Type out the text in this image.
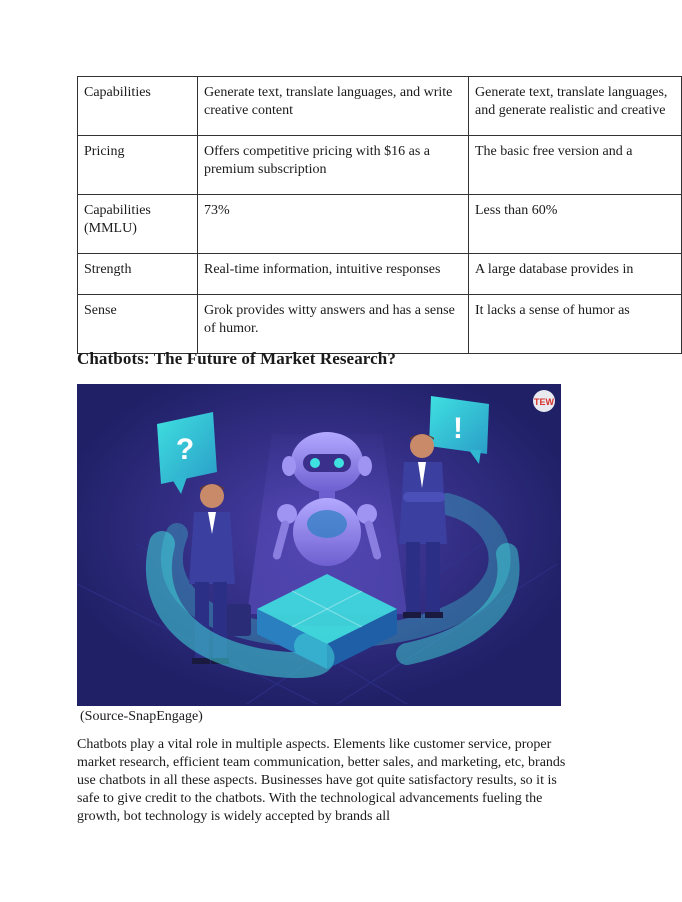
Capabilities	Generate text, translate languages, and write creative content	Generate text, translate languages, and generate realistic and creative

Pricing	Offers competitive pricing with $16 as a premium subscription	The basic free version and a

Capabilities (MMLU)	73%	Less than 60%
Strength	Real-time information, intuitive responses	A large database provides in
Sense	Grok provides witty answers and has a sense of humor.	It lacks a sense of humor as
Chatbots: The Future of Market Research?
?
!
TEW

(Source-SnapEngage)

Chatbots play a vital role in multiple aspects. Elements like customer service, proper market research, efficient team communication, better sales, and marketing, etc, brands use chatbots in all these aspects. Businesses have got quite satisfactory results, so it is safe to give credit to the chatbots. With the technological advancements fueling the growth, bot technology is widely accepted by brands all
